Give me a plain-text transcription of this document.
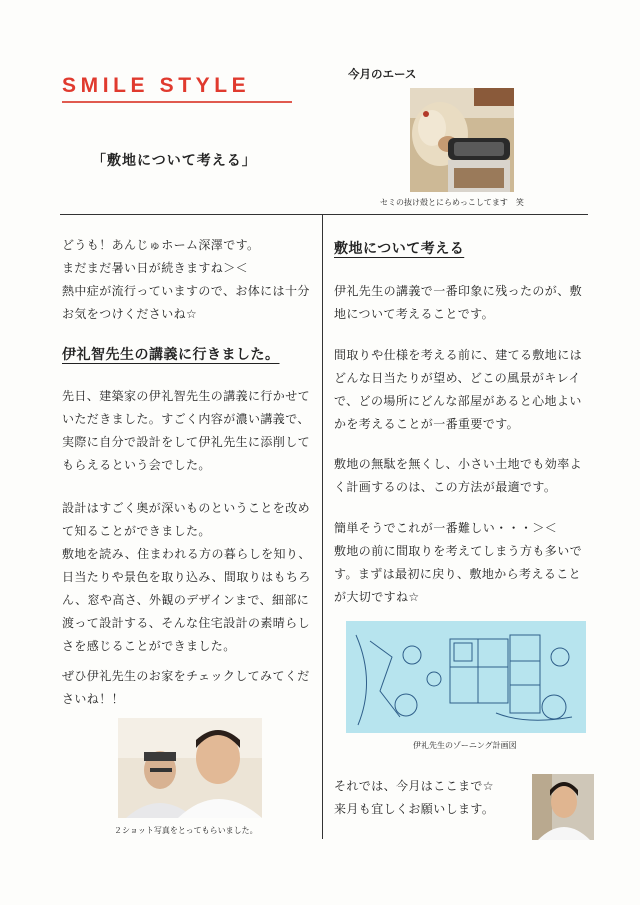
SMILE STYLE
「敷地について考える」
今月のエース
セミの抜け殻とにらめっこしてます　笑

どうも！あんじゅホーム深澤です。
まだまだ暑い日が続きますね＞＜
熱中症が流行っていますので、お体には十分お気をつけくださいね☆

伊礼智先生の講義に行きました。

先日、建築家の伊礼智先生の講義に行かせていただきました。すごく内容が濃い講義で、実際に自分で設計をして伊礼先生に添削してもらえるという会でした。

設計はすごく奥が深いものということを改めて知ることができました。
敷地を読み、住まわれる方の暮らしを知り、日当たりや景色を取り込み、間取りはもちろん、窓や高さ、外観のデザインまで、細部に渡って設計する、そんな住宅設計の素晴らしさを感じることができました。

ぜひ伊礼先生のお家をチェックしてみてくださいね！！

２ショット写真をとってもらいました。
敷地について考える

伊礼先生の講義で一番印象に残ったのが、敷地について考えることです。

間取りや仕様を考える前に、建てる敷地にはどんな日当たりが望め、どこの風景がキレイで、どの場所にどんな部屋があると心地よいかを考えることが一番重要です。

敷地の無駄を無くし、小さい土地でも効率よく計画するのは、この方法が最適です。

簡単そうでこれが一番難しい・・・＞＜
敷地の前に間取りを考えてしまう方も多いです。まずは最初に戻り、敷地から考えることが大切ですね☆

伊礼先生のゾーニング計画図

それでは、今月はここまで☆
来月も宜しくお願いします。
